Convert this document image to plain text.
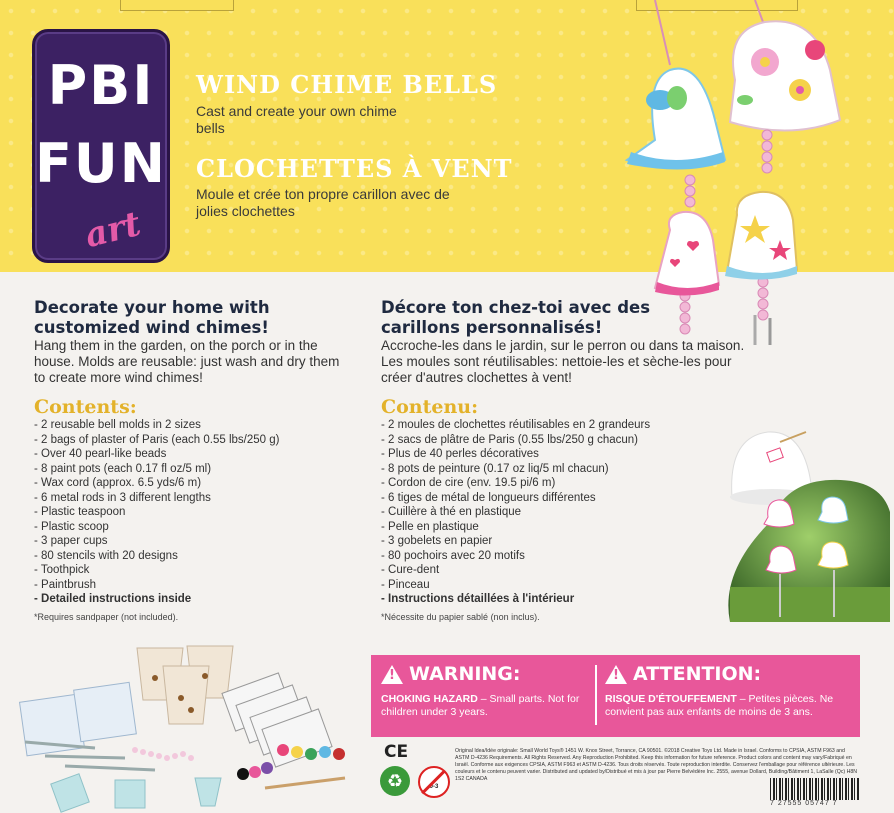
PBI
FUN
art
WIND CHIME BELLS
Cast and create your own chime bells
CLOCHETTES À VENT
Moule et crée ton propre carillon avec de jolies clochettes
Decorate your home with customized wind chimes!
Hang them in the garden, on the porch or in the house. Molds are reusable: just wash and dry them to create more wind chimes!
Contents:
- 2 reusable bell molds in 2 sizes
- 2 bags of plaster of Paris (each 0.55 lbs/250 g)
- Over 40 pearl-like beads
- 8 paint pots (each 0.17 fl oz/5 ml)
- Wax cord (approx. 6.5 yds/6 m)
- 6 metal rods in 3 different lengths
- Plastic teaspoon
- Plastic scoop
- 3 paper cups
- 80 stencils with 20 designs
- Toothpick
- Paintbrush
- Detailed instructions inside
*Requires sandpaper (not included).
Décore ton chez-toi avec des carillons personnalisés!
Accroche-les dans le jardin, sur le perron ou dans ta maison. Les moules sont réutilisables: nettoie-les et sèche-les pour créer d'autres clochettes à vent!
Contenu:
- 2 moules de clochettes réutilisables en 2 grandeurs
- 2 sacs de plâtre de Paris (0.55 lbs/250 g chacun)
- Plus de 40 perles décoratives
- 8 pots de peinture (0.17 oz liq/5 ml chacun)
- Cordon de cire (env. 19.5 pi/6 m)
- 6 tiges de métal de longueurs différentes
- Cuillère à thé en plastique
- Pelle en plastique
- 3 gobelets en papier
- 80 pochoirs avec 20 motifs
- Cure-dent
- Pinceau
- Instructions détaillées à l'intérieur
*Nécessite du papier sablé (non inclus).
! WARNING:
CHOKING HAZARD – Small parts. Not for children under 3 years.
! ATTENTION:
RISQUE D'ÉTOUFFEMENT – Petites pièces. Ne convient pas aux enfants de moins de 3 ans.
CE
♻	0-3
Original Idea/Idée originale: Small World Toys® 1451 W. Knox Street, Torrance, CA 90501. ©2018 Creative Toys Ltd. Made in Israel. Conforms to CPSIA, ASTM F963 and ASTM D-4236 Requirements. All Rights Reserved. Any Reproduction Prohibited. Keep this information for future reference. Product colors and content may vary/Fabriqué en Israël. Conforme aux exigences CPSIA, ASTM F963 et ASTM D-4236. Tous droits réservés. Toute reproduction interdite. Conservez l'emballage pour référence ultérieure. Les couleurs et le contenu peuvent varier. Distributed and updated by/Distribué et mis à jour par Pierre Belvédère Inc. 2555, avenue Dollard, Building/Bâtiment 1, LaSalle (Qc) H8N 1S2 CANADA
7 27555 05747 7
